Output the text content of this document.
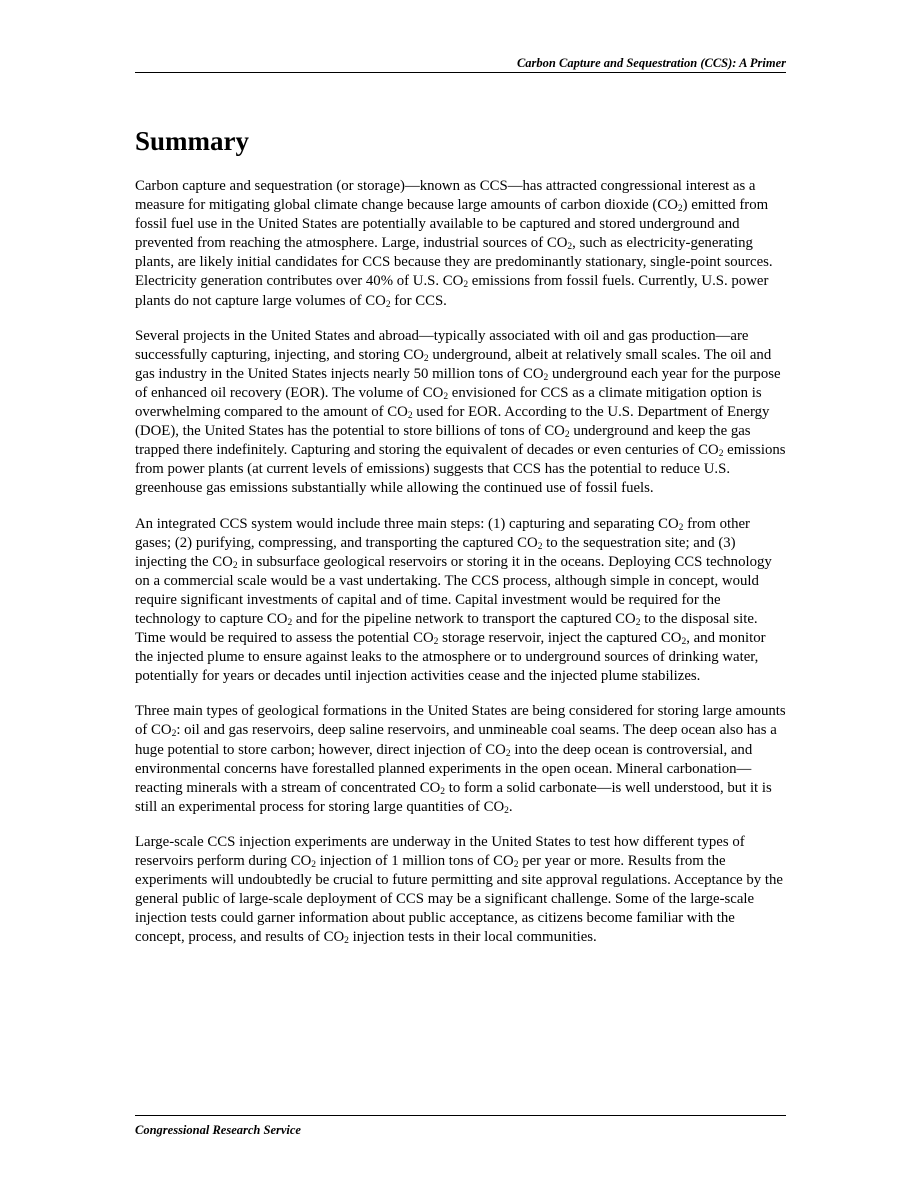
Carbon Capture and Sequestration (CCS): A Primer
Summary

Carbon capture and sequestration (or storage)—known as CCS—has attracted congressional interest as a measure for mitigating global climate change because large amounts of carbon dioxide $(CO_2)$ emitted from fossil fuel use in the United States are potentially available to be captured and stored underground and prevented from reaching the atmosphere. Large, industrial sources of $CO_2$, such as electricity-generating plants, are likely initial candidates for CCS because they are predominantly stationary, single-point sources. Electricity generation contributes over 40% of U.S. $CO_2$ emissions from fossil fuels. Currently, U.S. power plants do not capture large volumes of $CO_2$ for CCS.

Several projects in the United States and abroad—typically associated with oil and gas production—are successfully capturing, injecting, and storing $CO_2$ underground, albeit at relatively small scales. The oil and gas industry in the United States injects nearly 50 million tons of $CO_2$ underground each year for the purpose of enhanced oil recovery (EOR). The volume of $CO_2$ envisioned for CCS as a climate mitigation option is overwhelming compared to the amount of $CO_2$ used for EOR. According to the U.S. Department of Energy (DOE), the United States has the potential to store billions of tons of $CO_2$ underground and keep the gas trapped there indefinitely. Capturing and storing the equivalent of decades or even centuries of $CO_2$ emissions from power plants (at current levels of emissions) suggests that CCS has the potential to reduce U.S. greenhouse gas emissions substantially while allowing the continued use of fossil fuels.

An integrated CCS system would include three main steps: (1) capturing and separating $CO_2$ from other gases; (2) purifying, compressing, and transporting the captured $CO_2$ to the sequestration site; and (3) injecting the $CO_2$ in subsurface geological reservoirs or storing it in the oceans. Deploying CCS technology on a commercial scale would be a vast undertaking. The CCS process, although simple in concept, would require significant investments of capital and of time. Capital investment would be required for the technology to capture $CO_2$ and for the pipeline network to transport the captured $CO_2$ to the disposal site. Time would be required to assess the potential $CO_2$ storage reservoir, inject the captured $CO_2$, and monitor the injected plume to ensure against leaks to the atmosphere or to underground sources of drinking water, potentially for years or decades until injection activities cease and the injected plume stabilizes.

Three main types of geological formations in the United States are being considered for storing large amounts of $CO_2$: oil and gas reservoirs, deep saline reservoirs, and unmineable coal seams. The deep ocean also has a huge potential to store carbon; however, direct injection of $CO_2$ into the deep ocean is controversial, and environmental concerns have forestalled planned experiments in the open ocean. Mineral carbonation—reacting minerals with a stream of concentrated $CO_2$ to form a solid carbonate—is well understood, but it is still an experimental process for storing large quantities of $CO_2$.

Large-scale CCS injection experiments are underway in the United States to test how different types of reservoirs perform during $CO_2$ injection of 1 million tons of $CO_2$ per year or more. Results from the experiments will undoubtedly be crucial to future permitting and site approval regulations. Acceptance by the general public of large-scale deployment of CCS may be a significant challenge. Some of the large-scale injection tests could garner information about public acceptance, as citizens become familiar with the concept, process, and results of $CO_2$ injection tests in their local communities.

Congressional Research Service
